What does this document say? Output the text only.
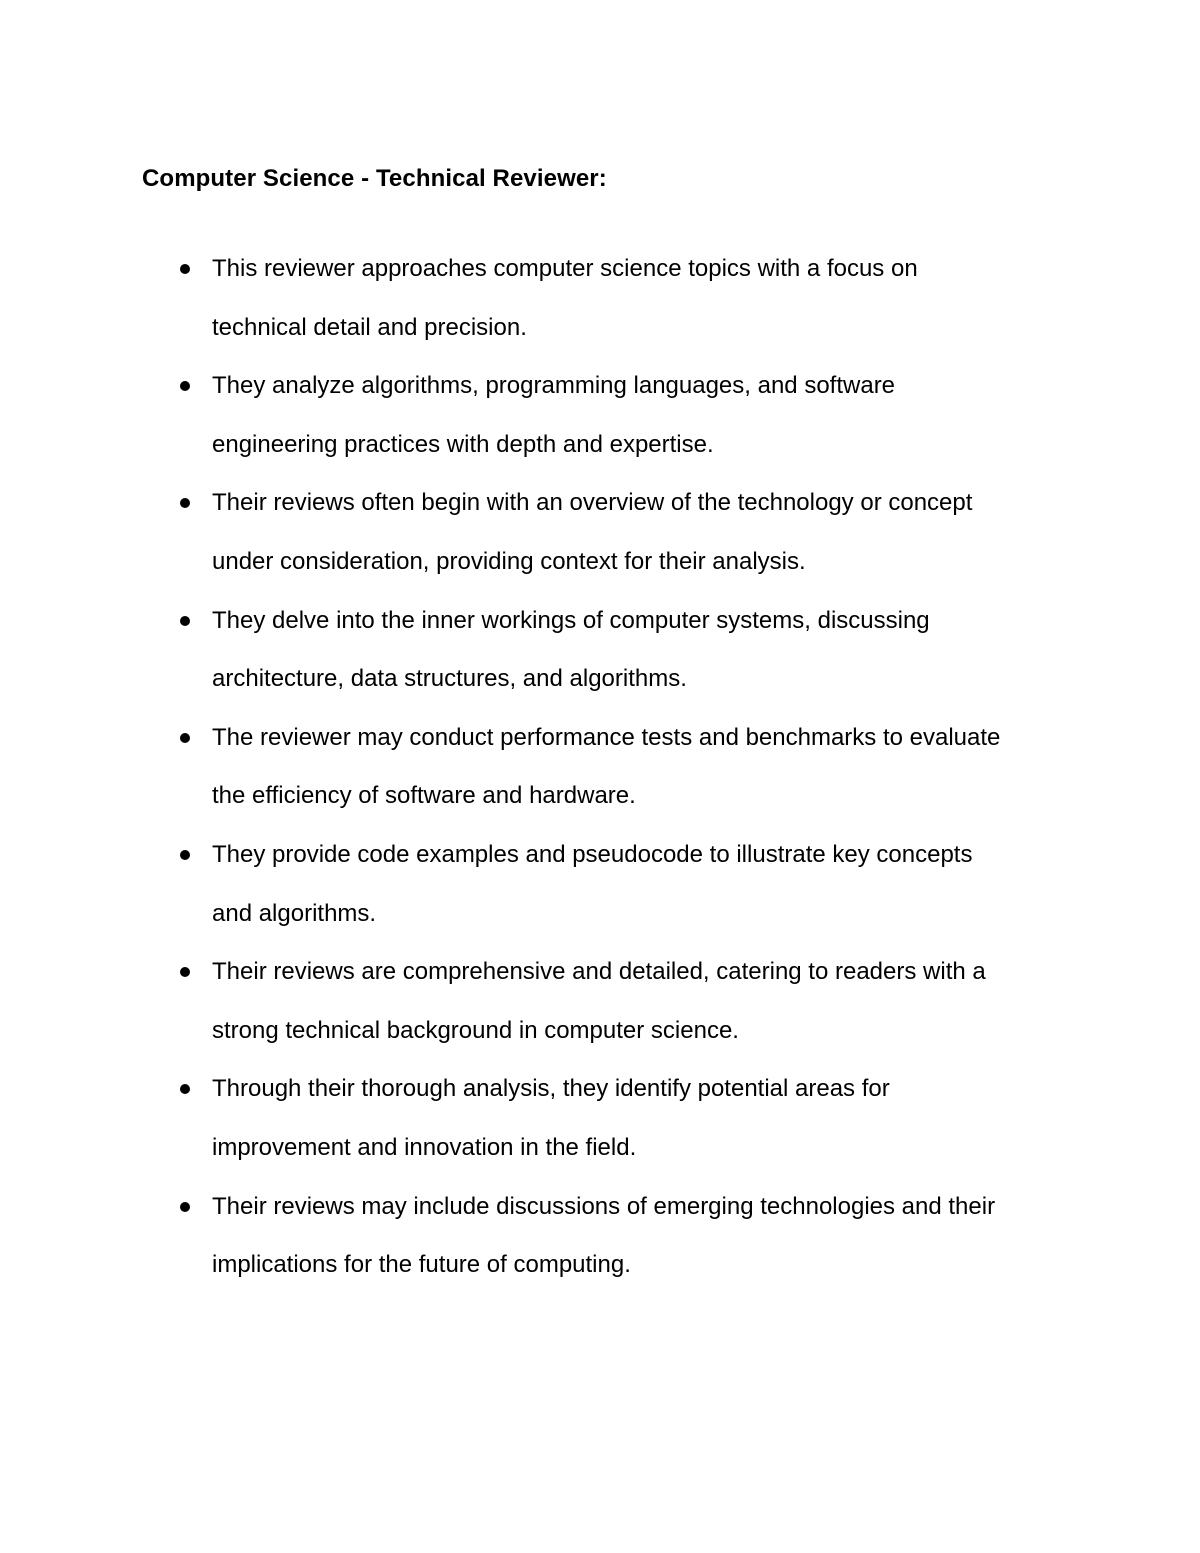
Computer Science - Technical Reviewer:
This reviewer approaches computer science topics with a focus on
technical detail and precision.
They analyze algorithms, programming languages, and software
engineering practices with depth and expertise.
Their reviews often begin with an overview of the technology or concept
under consideration, providing context for their analysis.
They delve into the inner workings of computer systems, discussing
architecture, data structures, and algorithms.
The reviewer may conduct performance tests and benchmarks to evaluate
the efficiency of software and hardware.
They provide code examples and pseudocode to illustrate key concepts
and algorithms.
Their reviews are comprehensive and detailed, catering to readers with a
strong technical background in computer science.
Through their thorough analysis, they identify potential areas for
improvement and innovation in the field.
Their reviews may include discussions of emerging technologies and their
implications for the future of computing.
